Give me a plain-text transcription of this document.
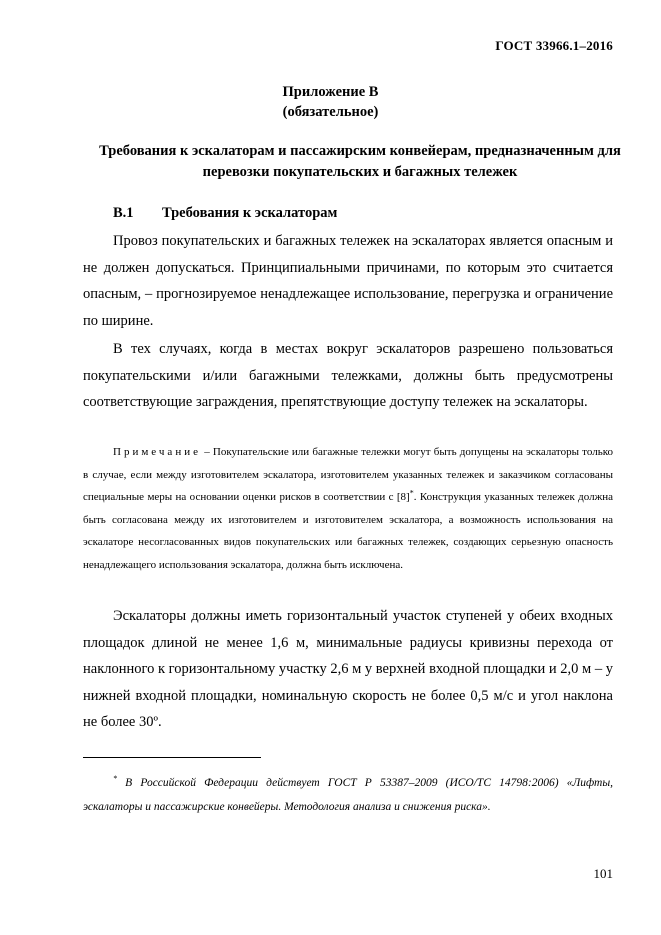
ГОСТ 33966.1–2016
Приложение В
(обязательное)
Требования к эскалаторам и пассажирским конвейерам, предназначенным для перевозки покупательских и багажных тележек
В.1 Требования к эскалаторам

Провоз покупательских и багажных тележек на эскалаторах является опасным и не должен допускаться. Принципиальными причинами, по которым это считается опасным, – прогнозируемое ненадлежащее использование, перегрузка и ограничение по ширине.

В тех случаях, когда в местах вокруг эскалаторов разрешено пользоваться покупательскими и/или багажными тележками, должны быть предусмотрены соответствующие заграждения, препятствующие доступу тележек на эскалаторы.

Примечание – Покупательские или багажные тележки могут быть допущены на эскалаторы только в случае, если между изготовителем эскалатора, изготовителем указанных тележек и заказчиком согласованы специальные меры на основании оценки рисков в соответствии с [8]*. Конструкция указанных тележек должна быть согласована между их изготовителем и изготовителем эскалатора, а возможность использования на эскалаторе несогласованных видов покупательских или багажных тележек, создающих серьезную опасность ненадлежащего использования эскалатора, должна быть исключена.

Эскалаторы должны иметь горизонтальный участок ступеней у обеих входных площадок длиной не менее 1,6 м, минимальные радиусы кривизны перехода от наклонного к горизонтальному участку 2,6 м у верхней входной площадки и 2,0 м – у нижней входной площадки, номинальную скорость не более 0,5 м/с и угол наклона не более 30º.

* В Российской Федерации действует ГОСТ Р 53387–2009 (ИСО/ТС 14798:2006) «Лифты, эскалаторы и пассажирские конвейеры. Методология анализа и снижения риска».

101
